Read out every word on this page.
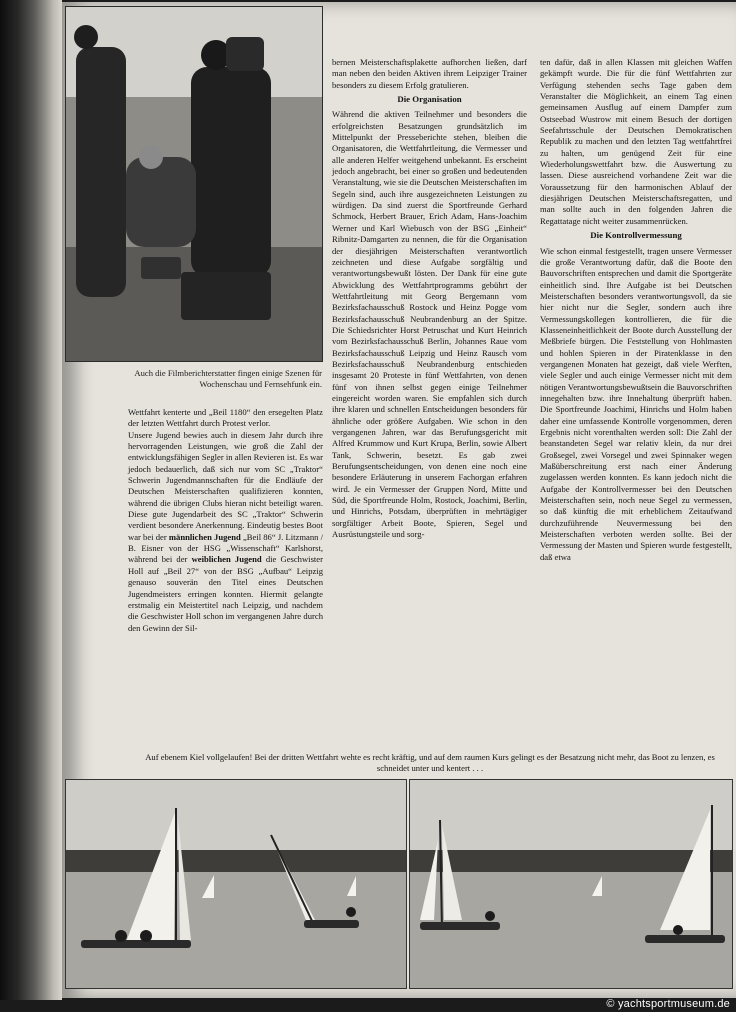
Auch die Filmberichterstatter fingen einige Szenen für Wochenschau und Fernsehfunk ein.

Wettfahrt kenterte und „Beil 1180“ den ersegelten Platz der letzten Wettfahrt durch Protest verlor.

Unsere Jugend bewies auch in diesem Jahr durch ihre hervorragenden Leistungen, wie groß die Zahl der entwicklungsfähigen Segler in allen Revieren ist. Es war jedoch bedauerlich, daß sich nur vom SC „Traktor“ Schwerin Jugendmannschaften für die Endläufe der Deutschen Meisterschaften qualifizieren konnten, während die übrigen Clubs hieran nicht beteiligt waren. Diese gute Jugendarbeit des SC „Traktor“ Schwerin verdient besondere Anerkennung. Eindeutig bestes Boot war bei der männlichen Jugend „Beil 86“ J. Litzmann / B. Eisner von der HSG „Wissenschaft“ Karlshorst, während bei der weiblichen Jugend die Geschwister Holl auf „Beil 27“ von der BSG „Aufbau“ Leipzig genauso souverän den Titel eines Deutschen Jugendmeisters erringen konnten. Hiermit gelangte erstmalig ein Meistertitel nach Leipzig, und nachdem die Geschwister Holl schon im vergangenen Jahre durch den Gewinn der Sil-

bernen Meisterschaftsplakette aufhorchen ließen, darf man neben den beiden Aktiven ihrem Leipziger Trainer besonders zu diesem Erfolg gratulieren.

Die Organisation

Während die aktiven Teilnehmer und besonders die erfolgreichsten Besatzungen grundsätzlich im Mittelpunkt der Presseberichte stehen, bleiben die Organisatoren, die Wettfahrtleitung, die Vermesser und alle anderen Helfer weitgehend unbekannt. Es erscheint jedoch angebracht, bei einer so großen und bedeutenden Veranstaltung, wie sie die Deutschen Meisterschaften im Segeln sind, auch ihre ausgezeichneten Leistungen zu würdigen. Da sind zuerst die Sportfreunde Gerhard Schmock, Herbert Brauer, Erich Adam, Hans-Joachim Werner und Karl Wiebusch von der BSG „Einheit“ Ribnitz-Damgarten zu nennen, die für die Organisation der diesjährigen Meisterschaften verantwortlich zeichneten und diese Aufgabe sorgfältig und verantwortungsbewußt lösten. Der Dank für eine gute Abwicklung des Wettfahrtprogramms gebührt der Wettfahrtleitung mit Georg Bergemann vom Bezirksfachausschuß Rostock und Heinz Pogge vom Bezirksfachausschuß Neubrandenburg an der Spitze. Die Schiedsrichter Horst Petruschat und Kurt Heinrich vom Bezirksfachausschuß Berlin, Johannes Raue vom Bezirksfachausschuß Leipzig und Heinz Rausch vom Bezirksfachausschuß Neubrandenburg entschieden insgesamt 20 Proteste in fünf Wettfahrten, von denen fünf von ihnen selbst gegen einige Teilnehmer eingereicht worden waren. Sie empfahlen sich durch ihre klaren und schnellen Entscheidungen besonders für ähnliche oder größere Aufgaben. Wie schon in den vergangenen Jahren, war das Berufungsgericht mit Alfred Krummow und Kurt Krupa, Berlin, sowie Albert Tank, Schwerin, besetzt. Es gab zwei Berufungsentscheidungen, von denen eine noch eine besondere Erläuterung in unserem Fachorgan erfahren wird. Je ein Vermesser der Gruppen Nord, Mitte und Süd, die Sportfreunde Holm, Rostock, Joachimi, Berlin, und Hinrichs, Potsdam, überprüften in mehrtägiger sorgfältiger Arbeit Boote, Spieren, Segel und Ausrüstungsteile und sorg-

ten dafür, daß in allen Klassen mit gleichen Waffen gekämpft wurde. Die für die fünf Wettfahrten zur Verfügung stehenden sechs Tage gaben dem Veranstalter die Möglichkeit, an einem Tag einen gemeinsamen Ausflug auf einem Dampfer zum Ostseebad Wustrow mit einem Besuch der dortigen Seefahrtsschule der Deutschen Demokratischen Republik zu machen und den letzten Tag wettfahrtfrei zu halten, um genügend Zeit für eine Wiederholungswettfahrt bzw. die Auswertung zu lassen. Diese ausreichend vorhandene Zeit war die Voraussetzung für den harmonischen Ablauf der diesjährigen Deutschen Meisterschaftsregatten, und man sollte auch in den folgenden Jahren die Regattatage nicht weiter zusammenrücken.

Die Kontrollvermessung

Wie schon einmal festgestellt, tragen unsere Vermesser die große Verantwortung dafür, daß die Boote den Bauvorschriften entsprechen und damit die Sportgeräte einheitlich sind. Ihre Aufgabe ist bei Deutschen Meisterschaften besonders verantwortungsvoll, da sie hier nicht nur die Segler, sondern auch ihre Vermessungskollegen kontrollieren, die für die Klasseneinheitlichkeit der Boote durch Ausstellung der Meßbriefe bürgen. Die Feststellung von Hohlmasten und hohlen Spieren in der Piratenklasse in den vergangenen Monaten hat gezeigt, daß viele Werften, viele Segler und auch einige Vermesser nicht mit dem nötigen Verantwortungsbewußtsein die Bauvorschriften innegehalten bzw. ihre Innehaltung überprüft haben. Die Sportfreunde Joachimi, Hinrichs und Holm haben daher eine umfassende Kontrolle vorgenommen, deren Ergebnis nicht vorenthalten werden soll: Die Zahl der beanstandeten Segel war relativ klein, da nur drei Großsegel, zwei Vorsegel und zwei Spinnaker wegen Maßüberschreitung erst nach einer Änderung zugelassen werden konnten. Es kann jedoch nicht die Aufgabe der Kontrollvermesser bei den Deutschen Meisterschaften sein, noch neue Segel zu vermessen, so daß künftig die mit erheblichem Zeitaufwand durchzuführende Neuvermessung bei den Meisterschaften verboten werden sollte. Bei der Vermessung der Masten und Spieren wurde festgestellt, daß etwa

Auf ebenem Kiel vollgelaufen! Bei der dritten Wettfahrt wehte es recht kräftig, und auf dem raumen Kurs gelingt es der Besatzung nicht mehr, das Boot zu lenzen, es schneidet unter und kentert . . .
© yachtsportmuseum.de
